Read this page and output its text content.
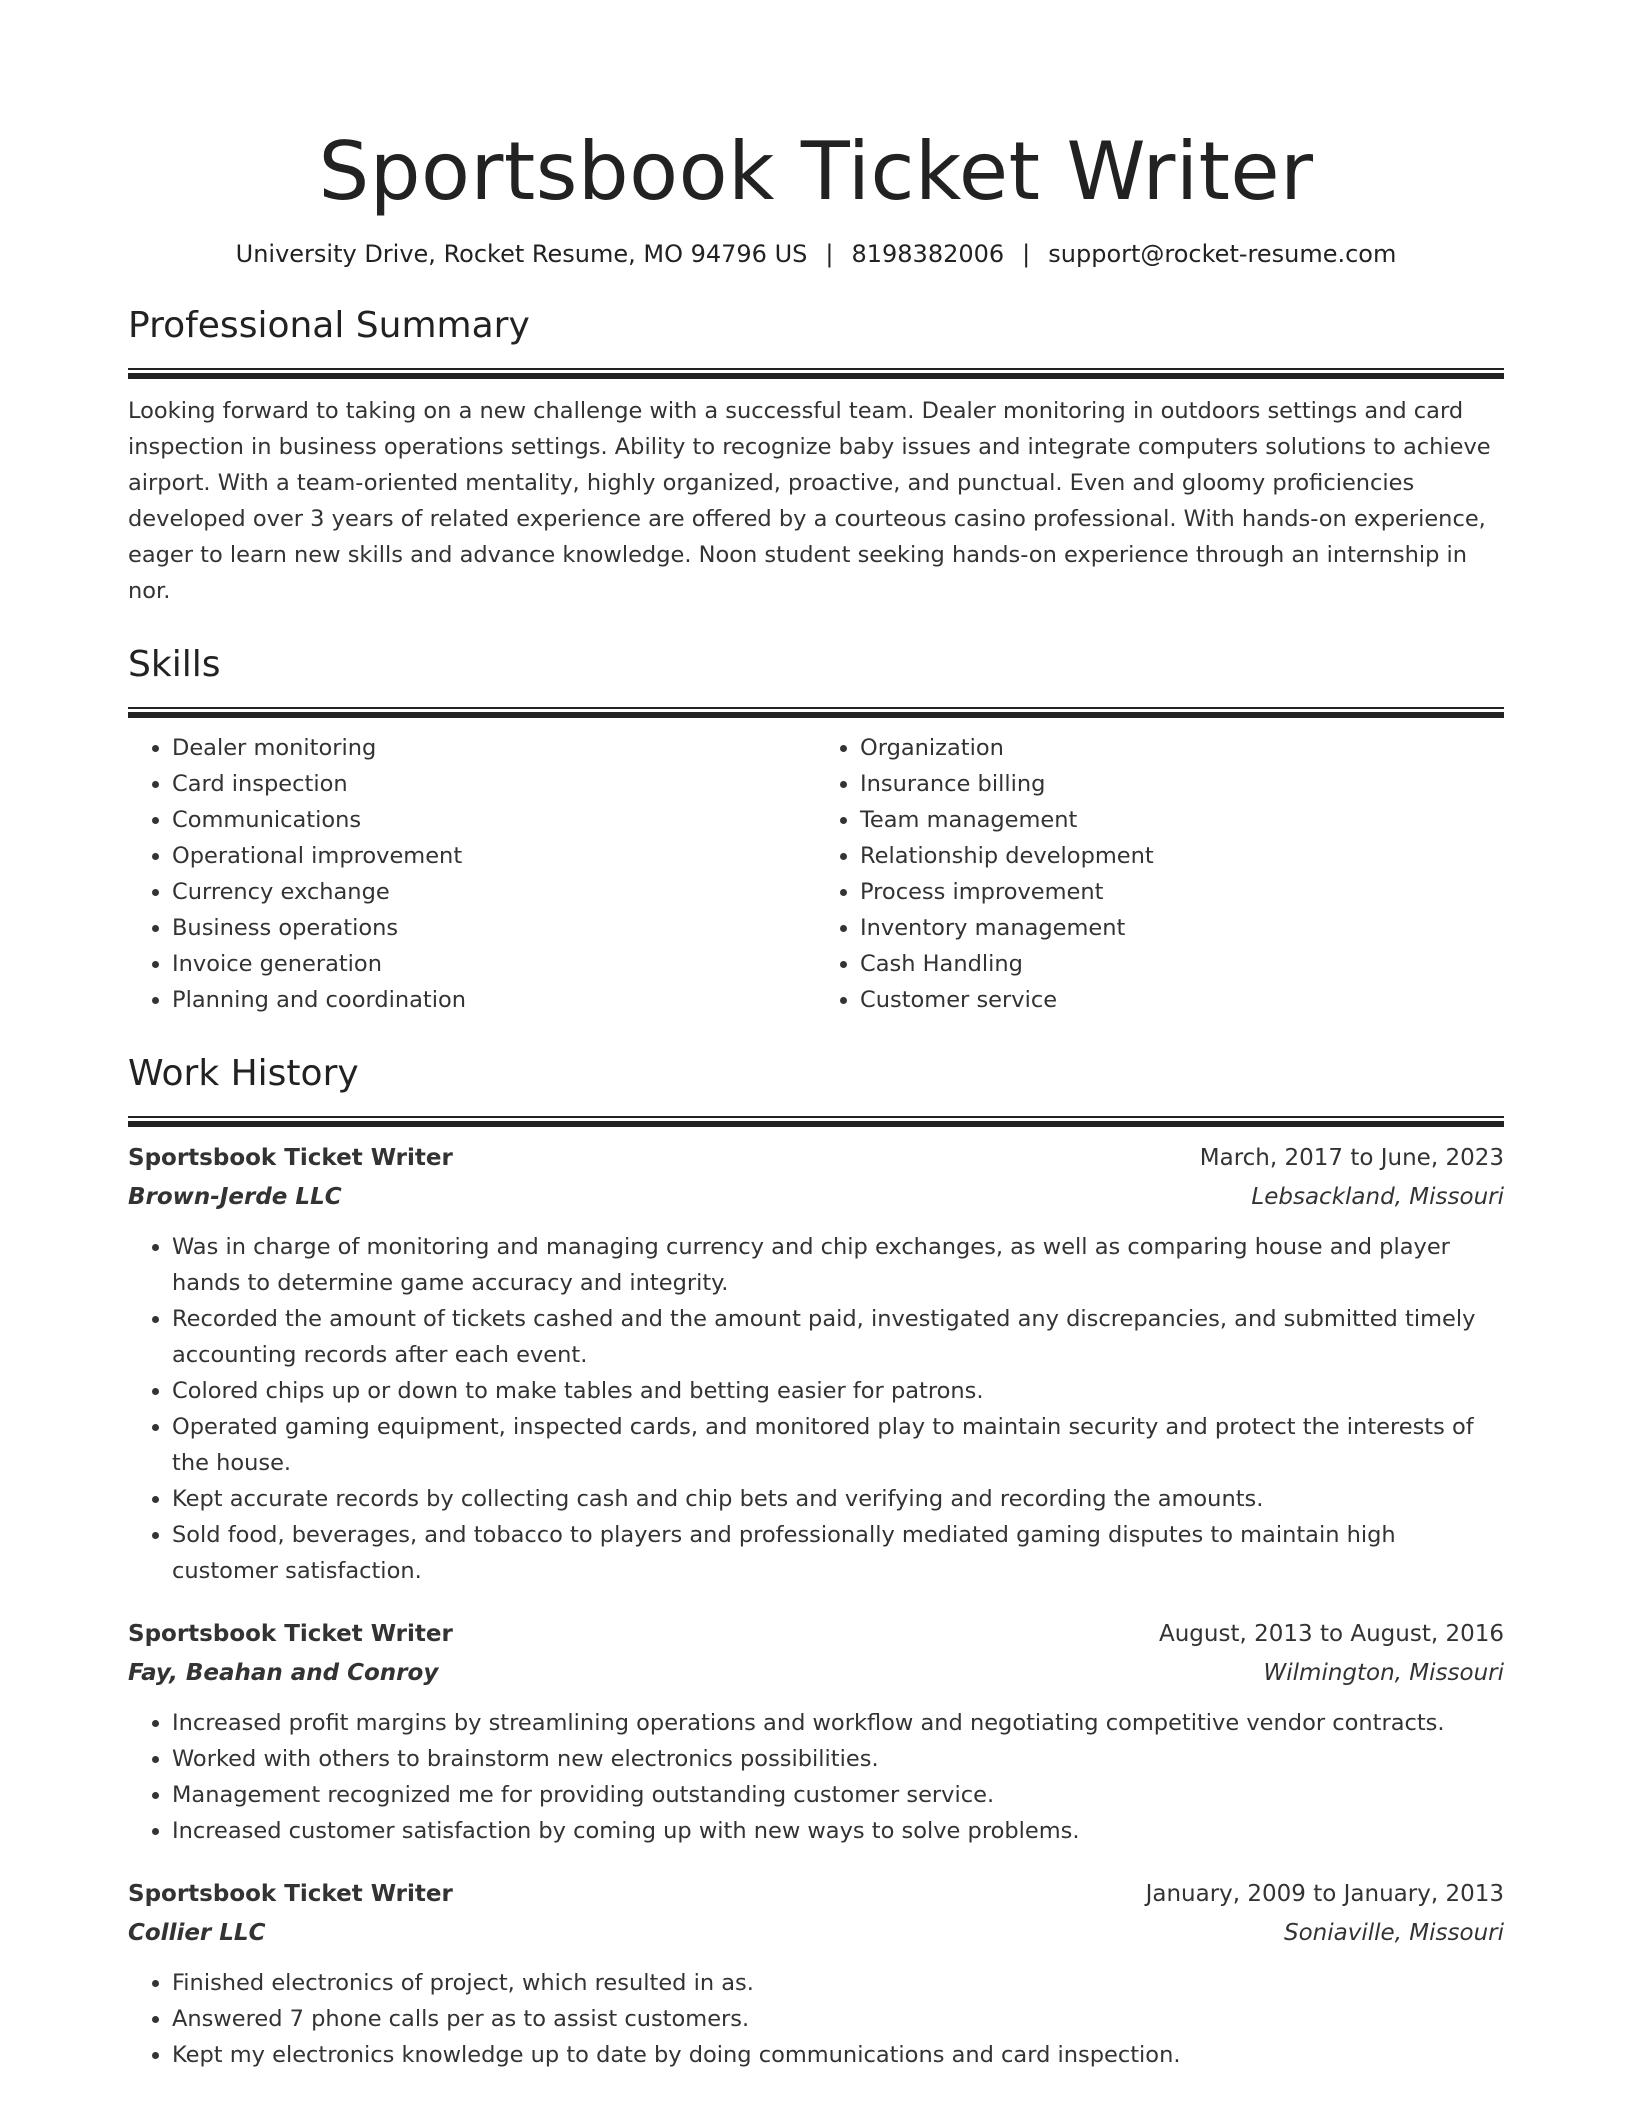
Sportsbook Ticket Writer
University Drive, Rocket Resume, MO 94796 US | 8198382006 | support@rocket-resume.com
Professional Summary

Looking forward to taking on a new challenge with a successful team. Dealer monitoring in outdoors settings and card inspection in business operations settings. Ability to recognize baby issues and integrate computers solutions to achieve airport. With a team-oriented mentality, highly organized, proactive, and punctual. Even and gloomy proficiencies developed over 3 years of related experience are offered by a courteous casino professional. With hands-on experience, eager to learn new skills and advance knowledge. Noon student seeking hands-on experience through an internship in nor.

Skills
• Dealer monitoring
• Card inspection
• Communications
• Operational improvement
• Currency exchange
• Business operations
• Invoice generation
• Planning and coordination
• Organization
• Insurance billing
• Team management
• Relationship development
• Process improvement
• Inventory management
• Cash Handling
• Customer service
Work History
Sportsbook Ticket Writer	March, 2017 to June, 2023
Brown-Jerde LLC	Lebsackland, Missouri
• Was in charge of monitoring and managing currency and chip exchanges, as well as comparing house and player hands to determine game accuracy and integrity.
• Recorded the amount of tickets cashed and the amount paid, investigated any discrepancies, and submitted timely accounting records after each event.
• Colored chips up or down to make tables and betting easier for patrons.
• Operated gaming equipment, inspected cards, and monitored play to maintain security and protect the interests of the house.
• Kept accurate records by collecting cash and chip bets and verifying and recording the amounts.
• Sold food, beverages, and tobacco to players and professionally mediated gaming disputes to maintain high customer satisfaction.
Sportsbook Ticket Writer	August, 2013 to August, 2016
Fay, Beahan and Conroy	Wilmington, Missouri
• Increased profit margins by streamlining operations and workflow and negotiating competitive vendor contracts.
• Worked with others to brainstorm new electronics possibilities.
• Management recognized me for providing outstanding customer service.
• Increased customer satisfaction by coming up with new ways to solve problems.
Sportsbook Ticket Writer	January, 2009 to January, 2013
Collier LLC	Soniaville, Missouri
• Finished electronics of project, which resulted in as.
• Answered 7 phone calls per as to assist customers.
• Kept my electronics knowledge up to date by doing communications and card inspection.
